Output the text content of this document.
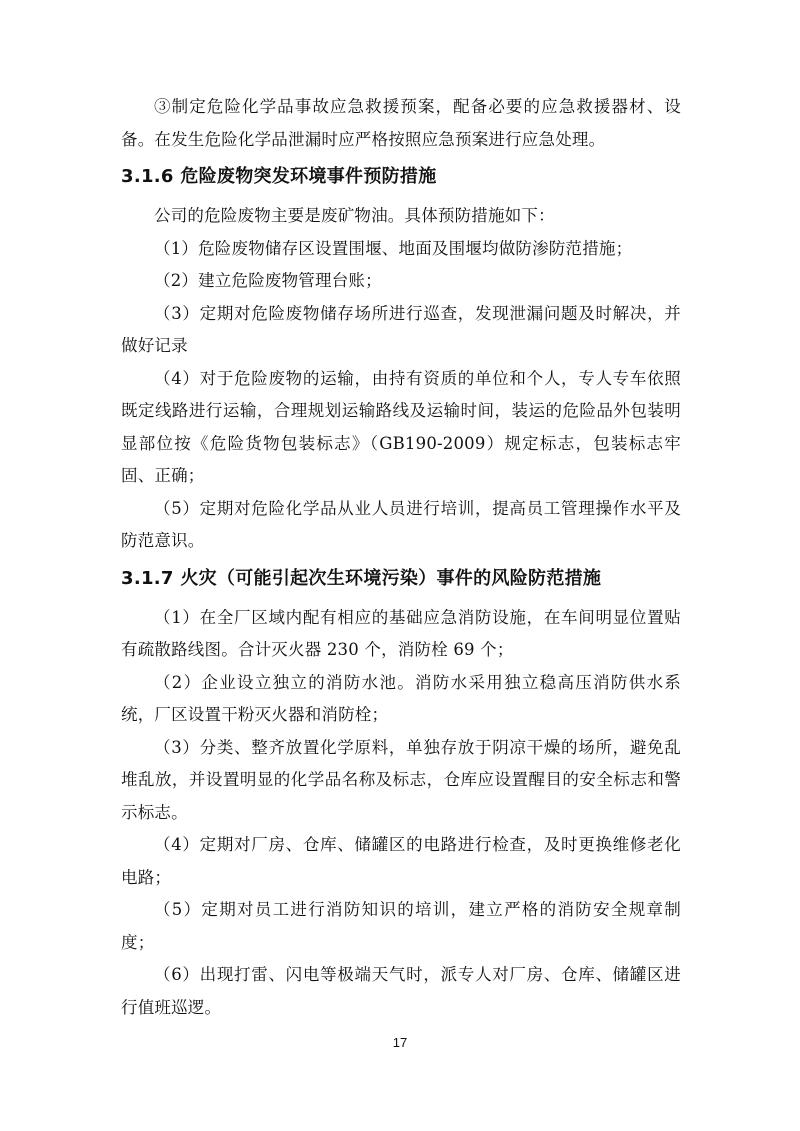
③制定危险化学品事故应急救援预案，配备必要的应急救援器材、设备。在发生危险化学品泄漏时应严格按照应急预案进行应急处理。

3.1.6 危险废物突发环境事件预防措施

公司的危险废物主要是废矿物油。具体预防措施如下：

（1）危险废物储存区设置围堰、地面及围堰均做防渗防范措施；

（2）建立危险废物管理台账；

（3）定期对危险废物储存场所进行巡查，发现泄漏问题及时解决，并做好记录

（4）对于危险废物的运输，由持有资质的单位和个人，专人专车依照既定线路进行运输，合理规划运输路线及运输时间，装运的危险品外包装明显部位按《危险货物包装标志》（GB190-2009）规定标志，包装标志牢固、正确；

（5）定期对危险化学品从业人员进行培训，提高员工管理操作水平及防范意识。

3.1.7 火灾（可能引起次生环境污染）事件的风险防范措施

（1）在全厂区域内配有相应的基础应急消防设施，在车间明显位置贴有疏散路线图。合计灭火器 230 个，消防栓 69 个；

（2）企业设立独立的消防水池。消防水采用独立稳高压消防供水系统，厂区设置干粉灭火器和消防栓；

（3）分类、整齐放置化学原料，单独存放于阴凉干燥的场所，避免乱堆乱放，并设置明显的化学品名称及标志，仓库应设置醒目的安全标志和警示标志。

（4）定期对厂房、仓库、储罐区的电路进行检查，及时更换维修老化电路；

（5）定期对员工进行消防知识的培训，建立严格的消防安全规章制度；

（6）出现打雷、闪电等极端天气时，派专人对厂房、仓库、储罐区进行值班巡逻。

17
